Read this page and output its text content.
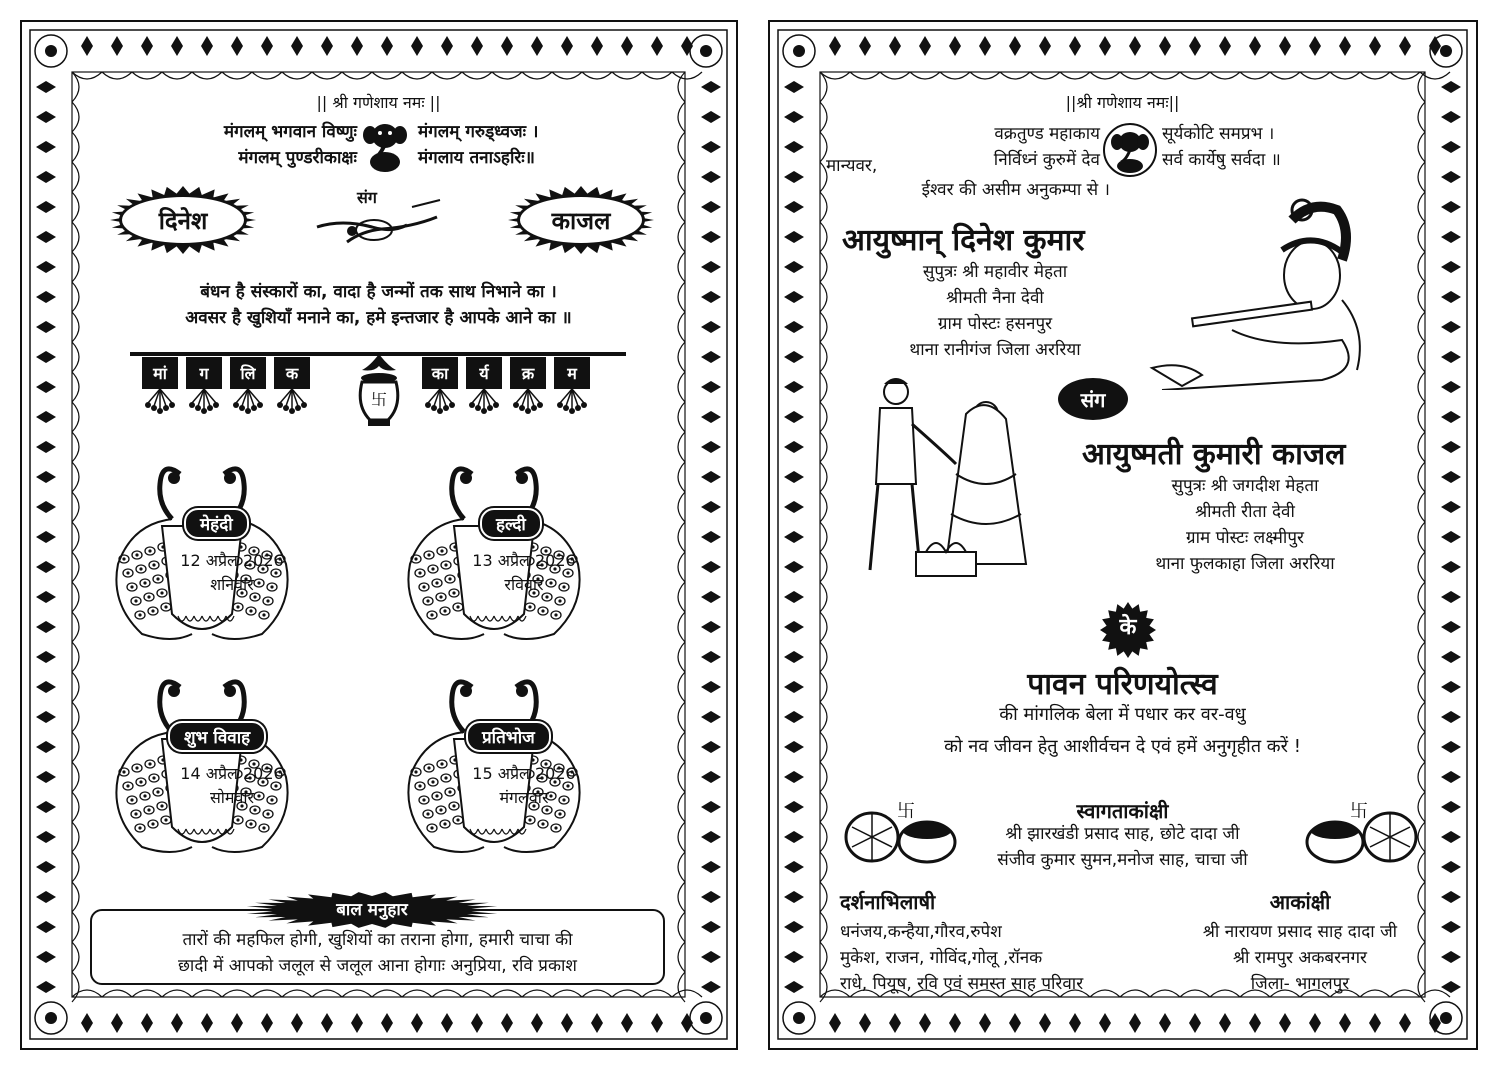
|| श्री गणेशाय नमः ||
मंगलम् भगवान विष्णुः
मंगलम् पुण्डरीकाक्षः
मंगलम् गरुड्ध्वजः ।
मंगलाय तनाऽहरिः॥
दिनेश
संग
काजल
बंधन है संस्कारों का, वादा है जन्मों तक साथ निभाने का ।
अवसर है खुशियाँ मनाने का, हमे इन्तजार है आपके आने का ॥
मां	ग	लि	क
卐
का	र्य	क्र	म
मेहंदी
12 अप्रैल 2026
शनिवार
हल्दी
13 अप्रैल 2026
रविवार
शुभ विवाह
14 अप्रैल 2026
सोमवार
प्रतिभोज
15 अप्रैल 2026
मंगलवार
बाल मनुहार
तारों की महफिल होगी, खुशियों का तराना होगा, हमारी चाचा की
छादी में आपको जलूल से जलूल आना होगाः अनुप्रिया, रवि प्रकाश
||श्री गणेशाय नमः||
वक्रतुण्ड महाकाय
निर्विध्नं कुरुमें देव
सूर्यकोटि समप्रभ ।
सर्व कार्येषु सर्वदा ॥
मान्यवर,
ईश्वर की असीम अनुकम्पा से ।
आयुष्मान् दिनेश कुमार
सुपुत्रः श्री महावीर मेहता
श्रीमती नैना देवी
ग्राम पोस्टः हसनपुर
थाना रानीगंज जिला अररिया
संग
आयुष्मती कुमारी काजल
सुपुत्रः श्री जगदीश मेहता
श्रीमती रीता देवी
ग्राम पोस्टः लक्ष्मीपुर
थाना फुलकाहा जिला अररिया
के
पावन परिणयोत्स्व
की मांगलिक बेला में पधार कर वर-वधु
को नव जीवन हेतु आशीर्वचन दे एवं हमें अनुगृहीत करें !
卐	卐
स्वागताकांक्षी
श्री झारखंडी प्रसाद साह, छोटे दादा जी
संजीव कुमार सुमन,मनोज साह, चाचा जी
दर्शनाभिलाषी
धनंजय,कन्हैया,गौरव,रुपेश
मुकेश, राजन, गोविंद,गोलू ,रॉनक
राधे, पियूष, रवि एवं समस्त साह परिवार
आकांक्षी
श्री नारायण प्रसाद साह दादा जी
श्री रामपुर अकबरनगर
जिला- भागलपुर
